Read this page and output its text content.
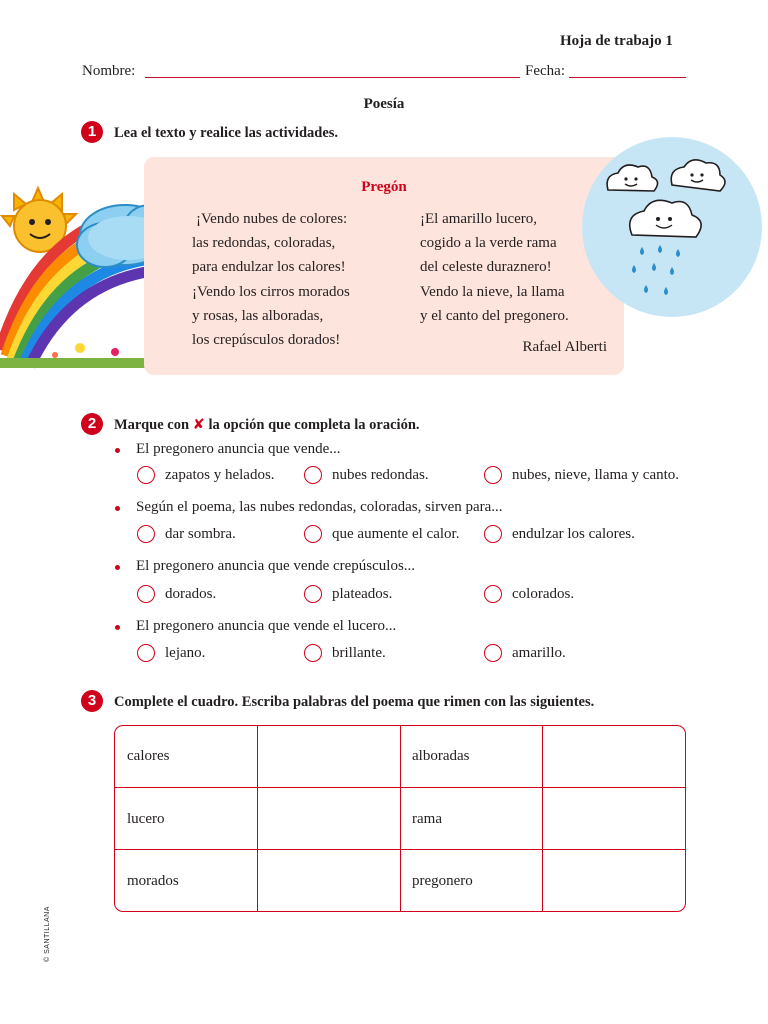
Hoja de trabajo 1
Nombre:	Fecha:
Poesía
1	Lea el texto y realice las actividades.
Pregón
¡Vendo nubes de colores:
las redondas, coloradas,
para endulzar los calores!
¡Vendo los cirros morados
y rosas, las alboradas,
los crepúsculos dorados!
¡El amarillo lucero,
cogido a la verde rama
del celeste duraznero!
Vendo la nieve, la llama
y el canto del pregonero.
Rafael Alberti
2	Marque con ✘ la opción que completa la oración.
El pregonero anuncia que vende...
zapatos y helados.	nubes redondas.	nubes, nieve, llama y canto.
Según el poema, las nubes redondas, coloradas, sirven para...
dar sombra.	que aumente el calor.	endulzar los calores.
El pregonero anuncia que vende crepúsculos...
dorados.	plateados.	colorados.
El pregonero anuncia que vende el lucero...
lejano.	brillante.	amarillo.
3	Complete el cuadro. Escriba palabras del poema que rimen con las siguientes.
calores	alboradas
lucero	rama
morados	pregonero
© SANTILLANA
